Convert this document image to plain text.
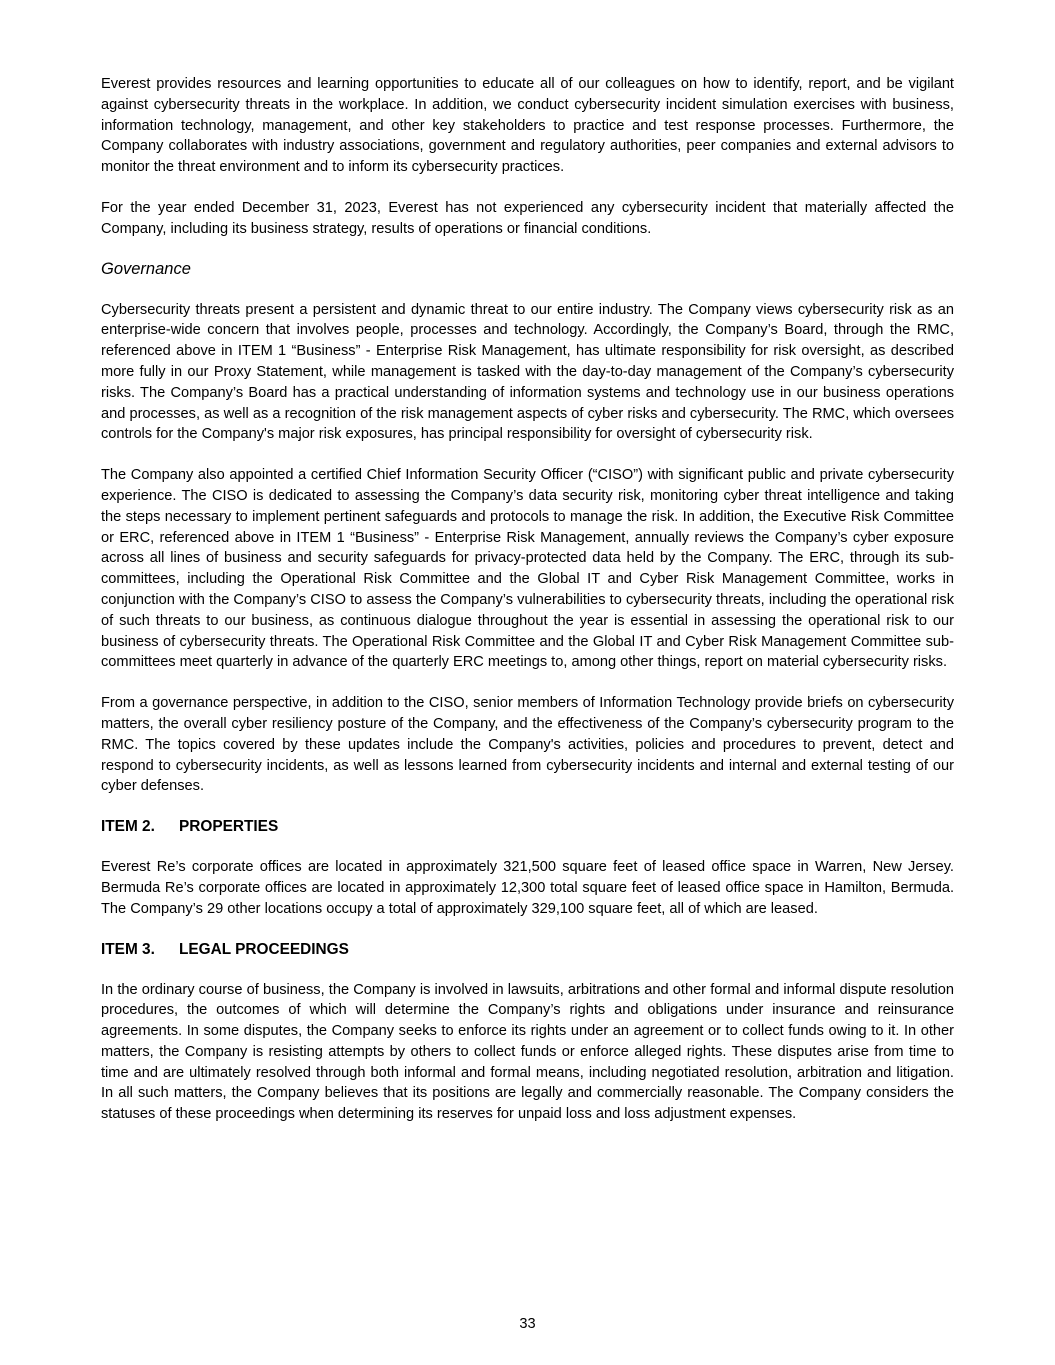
Everest provides resources and learning opportunities to educate all of our colleagues on how to identify, report, and be vigilant against cybersecurity threats in the workplace. In addition, we conduct cybersecurity incident simulation exercises with business, information technology, management, and other key stakeholders to practice and test response processes. Furthermore, the Company collaborates with industry associations, government and regulatory authorities, peer companies and external advisors to monitor the threat environment and to inform its cybersecurity practices.

For the year ended December 31, 2023, Everest has not experienced any cybersecurity incident that materially affected the Company, including its business strategy, results of operations or financial conditions.

Governance

Cybersecurity threats present a persistent and dynamic threat to our entire industry. The Company views cybersecurity risk as an enterprise-wide concern that involves people, processes and technology. Accordingly, the Company’s Board, through the RMC, referenced above in ITEM 1 “Business” - Enterprise Risk Management, has ultimate responsibility for risk oversight, as described more fully in our Proxy Statement, while management is tasked with the day-to-day management of the Company’s cybersecurity risks. The Company’s Board has a practical understanding of information systems and technology use in our business operations and processes, as well as a recognition of the risk management aspects of cyber risks and cybersecurity. The RMC, which oversees controls for the Company's major risk exposures, has principal responsibility for oversight of cybersecurity risk.

The Company also appointed a certified Chief Information Security Officer (“CISO”) with significant public and private cybersecurity experience. The CISO is dedicated to assessing the Company’s data security risk, monitoring cyber threat intelligence and taking the steps necessary to implement pertinent safeguards and protocols to manage the risk. In addition, the Executive Risk Committee or ERC, referenced above in ITEM 1 “Business” - Enterprise Risk Management, annually reviews the Company’s cyber exposure across all lines of business and security safeguards for privacy-protected data held by the Company. The ERC, through its sub-committees, including the Operational Risk Committee and the Global IT and Cyber Risk Management Committee, works in conjunction with the Company’s CISO to assess the Company’s vulnerabilities to cybersecurity threats, including the operational risk of such threats to our business, as continuous dialogue throughout the year is essential in assessing the operational risk to our business of cybersecurity threats. The Operational Risk Committee and the Global IT and Cyber Risk Management Committee sub-committees meet quarterly in advance of the quarterly ERC meetings to, among other things, report on material cybersecurity risks.

From a governance perspective, in addition to the CISO, senior members of Information Technology provide briefs on cybersecurity matters, the overall cyber resiliency posture of the Company, and the effectiveness of the Company’s cybersecurity program to the RMC. The topics covered by these updates include the Company's activities, policies and procedures to prevent, detect and respond to cybersecurity incidents, as well as lessons learned from cybersecurity incidents and internal and external testing of our cyber defenses.

ITEM 2. PROPERTIES

Everest Re’s corporate offices are located in approximately 321,500 square feet of leased office space in Warren, New Jersey. Bermuda Re’s corporate offices are located in approximately 12,300 total square feet of leased office space in Hamilton, Bermuda. The Company’s 29 other locations occupy a total of approximately 329,100 square feet, all of which are leased.

ITEM 3. LEGAL PROCEEDINGS

In the ordinary course of business, the Company is involved in lawsuits, arbitrations and other formal and informal dispute resolution procedures, the outcomes of which will determine the Company’s rights and obligations under insurance and reinsurance agreements. In some disputes, the Company seeks to enforce its rights under an agreement or to collect funds owing to it. In other matters, the Company is resisting attempts by others to collect funds or enforce alleged rights. These disputes arise from time to time and are ultimately resolved through both informal and formal means, including negotiated resolution, arbitration and litigation. In all such matters, the Company believes that its positions are legally and commercially reasonable. The Company considers the statuses of these proceedings when determining its reserves for unpaid loss and loss adjustment expenses.

33
